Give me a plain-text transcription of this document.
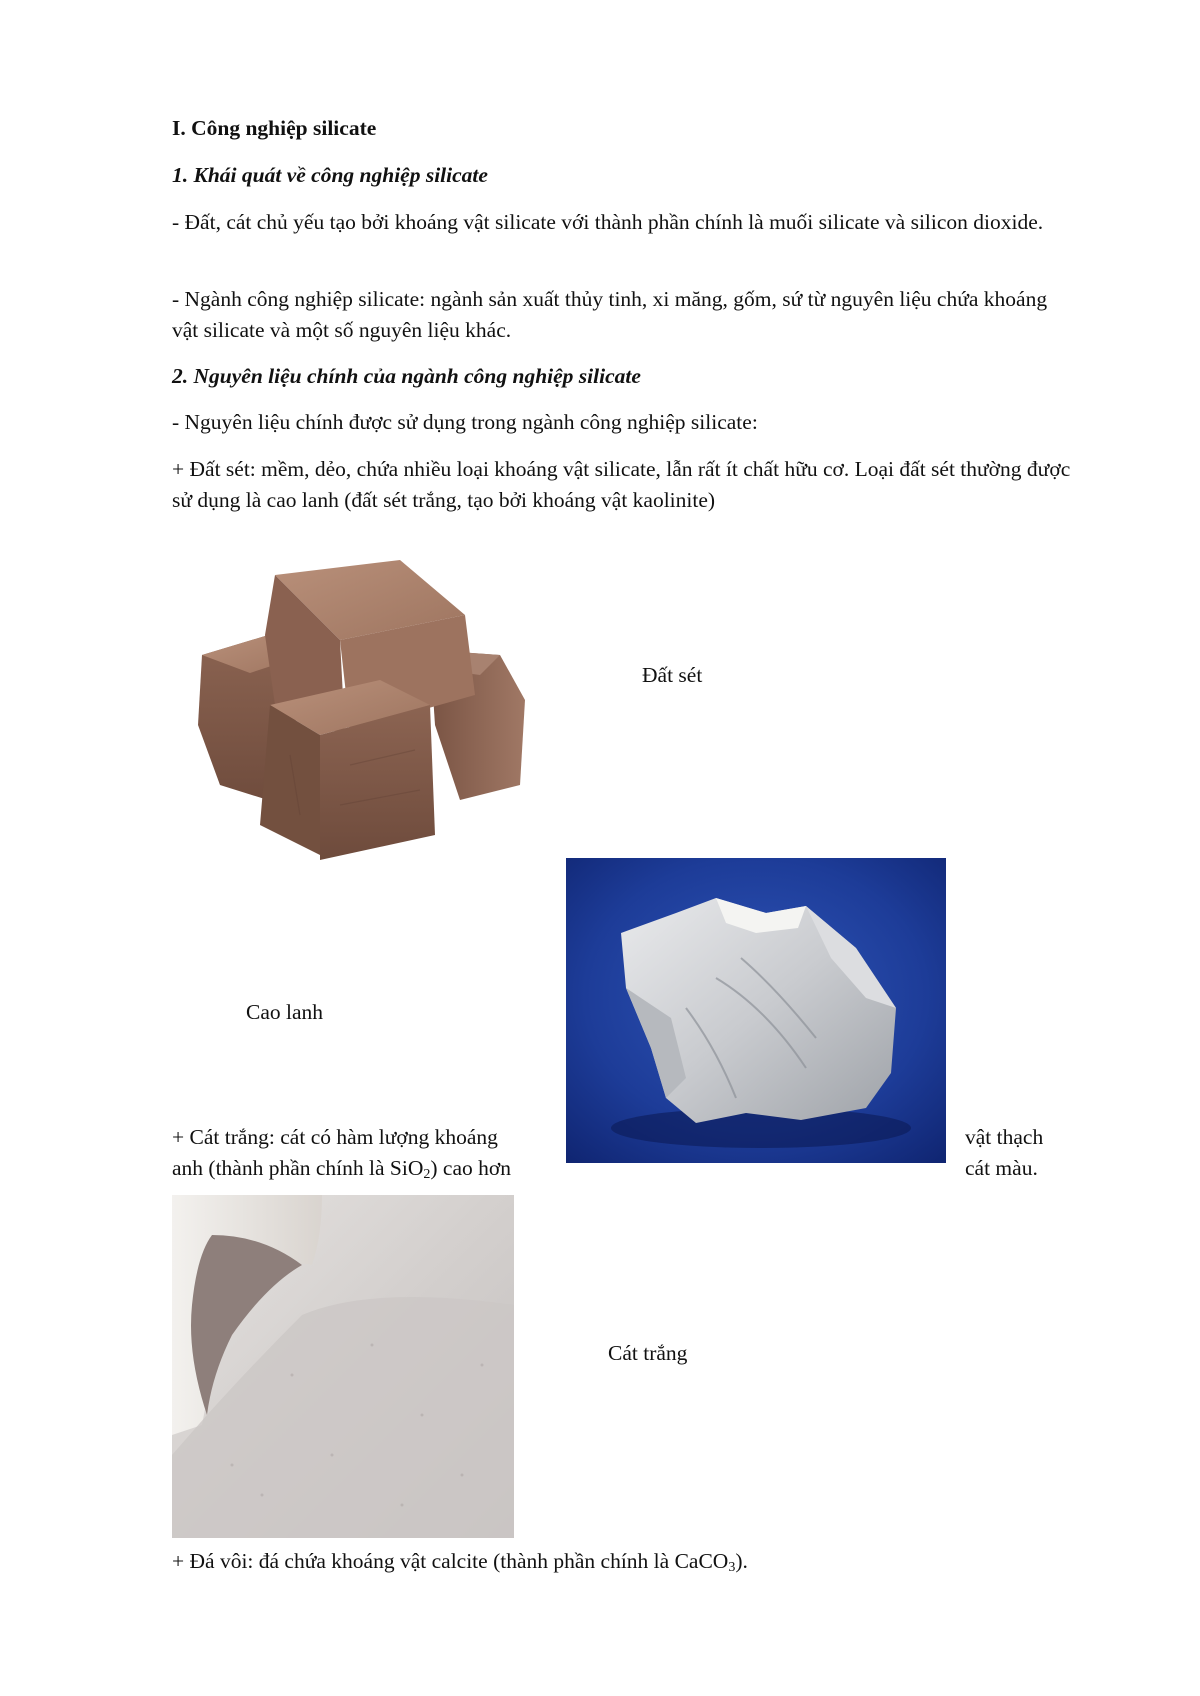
I. Công nghiệp silicate
1. Khái quát về công nghiệp silicate
- Đất, cát chủ yếu tạo bởi khoáng vật silicate với thành phần chính là muối silicate và silicon dioxide.
- Ngành công nghiệp silicate: ngành sản xuất thủy tinh, xi măng, gốm, sứ từ nguyên liệu chứa khoáng vật silicate và một số nguyên liệu khác.
2. Nguyên liệu chính của ngành công nghiệp silicate
- Nguyên liệu chính được sử dụng trong ngành công nghiệp silicate:
+ Đất sét: mềm, dẻo, chứa nhiều loại khoáng vật silicate, lẫn rất ít chất hữu cơ. Loại đất sét thường được sử dụng là cao lanh (đất sét trắng, tạo bởi khoáng vật kaolinite)
Đất sét
Cao lanh
+ Cát trắng: cát có hàm lượng khoáng	vật thạch
anh (thành phần chính là SiO$_2$) cao hơn	cát màu.
Cát trắng
+ Đá vôi: đá chứa khoáng vật calcite (thành phần chính là CaCO$_3$).
